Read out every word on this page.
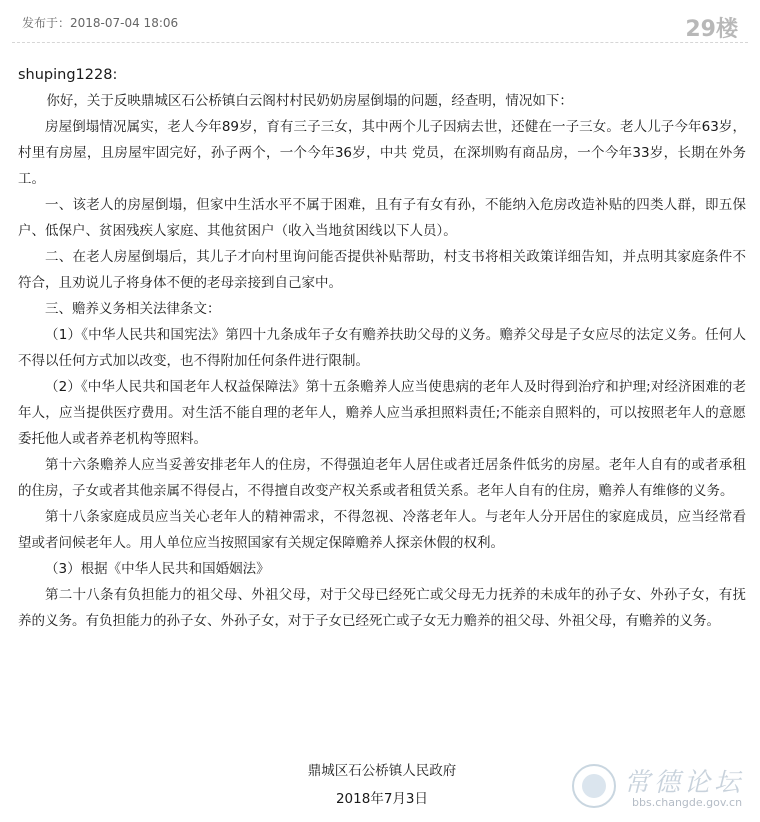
发布于：2018-07-04 18:06	29楼
shuping1228:

你好，关于反映鼎城区石公桥镇白云阁村村民奶奶房屋倒塌的问题，经查明，情况如下：

房屋倒塌情况属实，老人今年89岁，育有三子三女，其中两个儿子因病去世，还健在一子三女。老人儿子今年63岁，村里有房屋，且房屋牢固完好，孙子两个，一个今年36岁，中共 党员，在深圳购有商品房，一个今年33岁，长期在外务工。

一、该老人的房屋倒塌，但家中生活水平不属于困难，且有子有女有孙，不能纳入危房改造补贴的四类人群，即五保户、低保户、贫困残疾人家庭、其他贫困户（收入当地贫困线以下人员）。

二、在老人房屋倒塌后，其儿子才向村里询问能否提供补贴帮助，村支书将相关政策详细告知，并点明其家庭条件不符合，且劝说儿子将身体不便的老母亲接到自己家中。

三、赡养义务相关法律条文：

（1）《中华人民共和国宪法》第四十九条成年子女有赡养扶助父母的义务。赡养父母是子女应尽的法定义务。任何人不得以任何方式加以改变，也不得附加任何条件进行限制。

（2）《中华人民共和国老年人权益保障法》第十五条赡养人应当使患病的老年人及时得到治疗和护理;对经济困难的老年人，应当提供医疗费用。对生活不能自理的老年人，赡养人应当承担照料责任;不能亲自照料的，可以按照老年人的意愿委托他人或者养老机构等照料。

第十六条赡养人应当妥善安排老年人的住房，不得强迫老年人居住或者迁居条件低劣的房屋。老年人自有的或者承租的住房，子女或者其他亲属不得侵占，不得擅自改变产权关系或者租赁关系。老年人自有的住房，赡养人有维修的义务。

第十八条家庭成员应当关心老年人的精神需求，不得忽视、冷落老年人。与老年人分开居住的家庭成员，应当经常看望或者问候老年人。用人单位应当按照国家有关规定保障赡养人探亲休假的权利。

（3）根据《中华人民共和国婚姻法》

第二十八条有负担能力的祖父母、外祖父母，对于父母已经死亡或父母无力抚养的未成年的孙子女、外孙子女，有抚养的义务。有负担能力的孙子女、外孙子女，对于子女已经死亡或子女无力赡养的祖父母、外祖父母，有赡养的义务。

鼎城区石公桥镇人民政府
2018年7月3日
常德论坛
bbs.changde.gov.cn
